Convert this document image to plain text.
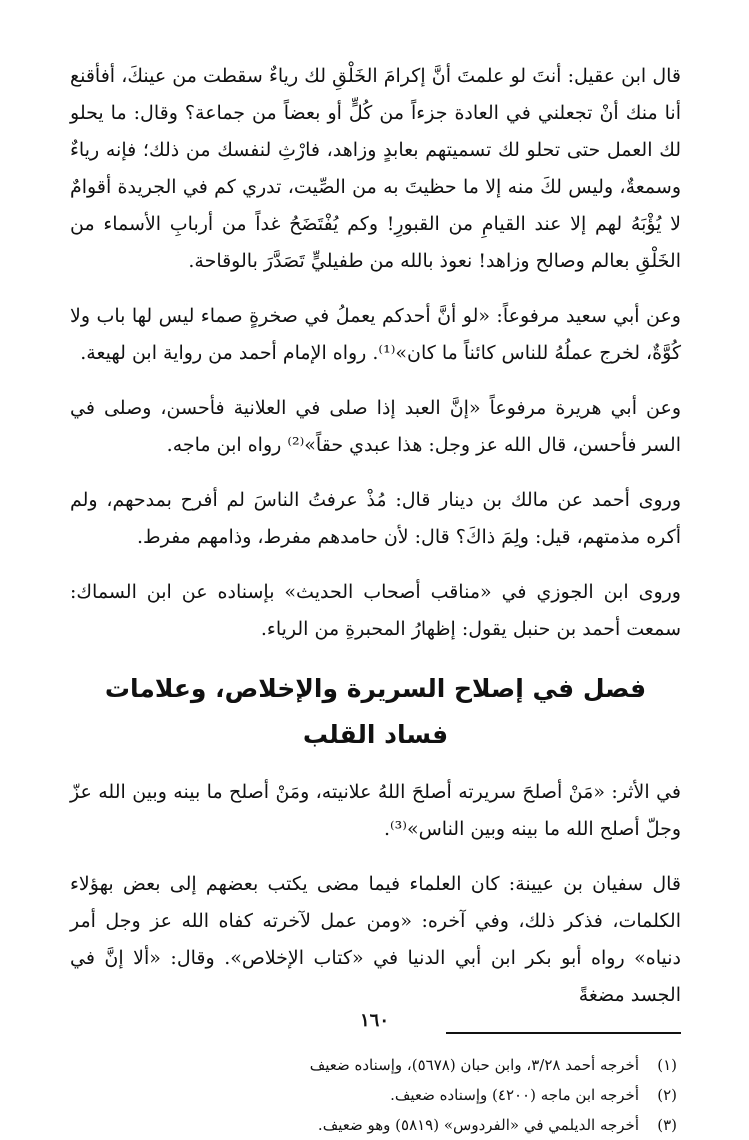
قال ابن عقيل: أنتَ لو علمتَ أنَّ إكرامَ الخَلْقِ لك رياءٌ سقطت من عينكَ، أفأقنع أنا منك أنْ تجعلني في العادة جزءاً من كُلٍّ أو بعضاً من جماعة؟ وقال: ما يحلو لك العمل حتى تحلو لك تسميتهم بعابدٍ وزاهد، فارْثِ لنفسك من ذلك؛ فإنه رياءٌ وسمعةٌ، وليس لكَ منه إلا ما حظيتَ به من الصِّيت، تدري كم في الجريدة أقوامٌ لا يُؤْبَهُ لهم إلا عند القيامِ من القبورِ! وكم يُفْتَضَحُ غداً من أربابِ الأسماء من الخَلْقِ بعالم وصالح وزاهد! نعوذ بالله من طفيليٍّ تَصَدَّرَ بالوقاحة.

وعن أبي سعيد مرفوعاً: «لو أنَّ أحدكم يعملُ في صخرةٍ صماء ليس لها باب ولا كُوَّةٌ، لخرج عملُهُ للناس كائناً ما كان»⁽¹⁾. رواه الإمام أحمد من رواية ابن لهيعة.

وعن أبي هريرة مرفوعاً «إنَّ العبد إذا صلى في العلانية فأحسن، وصلى في السر فأحسن، قال الله عز وجل: هذا عبدي حقاً»⁽²⁾ رواه ابن ماجه.

وروى أحمد عن مالك بن دينار قال: مُذْ عرفتُ الناسَ لم أفرح بمدحهم، ولم أكره مذمتهم، قيل: ولِمَ ذاكَ؟ قال: لأن حامدهم مفرط، وذامهم مفرط.

وروى ابن الجوزي في «مناقب أصحاب الحديث» بإسناده عن ابن السماك: سمعت أحمد بن حنبل يقول: إظهارُ المحبرةِ من الرياء.

فصل في إصلاح السريرة والإخلاص، وعلامات فساد القلب

في الأثر: «مَنْ أصلحَ سريرته أصلحَ اللهُ علانيته، ومَنْ أصلح ما بينه وبين الله عزّ وجلّ أصلح الله ما بينه وبين الناس»⁽³⁾.

قال سفيان بن عيينة: كان العلماء فيما مضى يكتب بعضهم إلى بعض بهؤلاء الكلمات، فذكر ذلك، وفي آخره: «ومن عمل لآخرته كفاه الله عز وجل أمر دنياه» رواه أبو بكر ابن أبي الدنيا في «كتاب الإخلاص». وقال: «ألا إنَّ في الجسد مضغةً

(١)
أخرجه أحمد ٣/٢٨، وابن حبان (٥٦٧٨)، وإسناده ضعيف
(٢)
أخرجه ابن ماجه (٤٢٠٠) وإسناده ضعيف.
(٣)
أخرجه الديلمي في «الفردوس» (٥٨١٩) وهو ضعيف.
١٦٠
